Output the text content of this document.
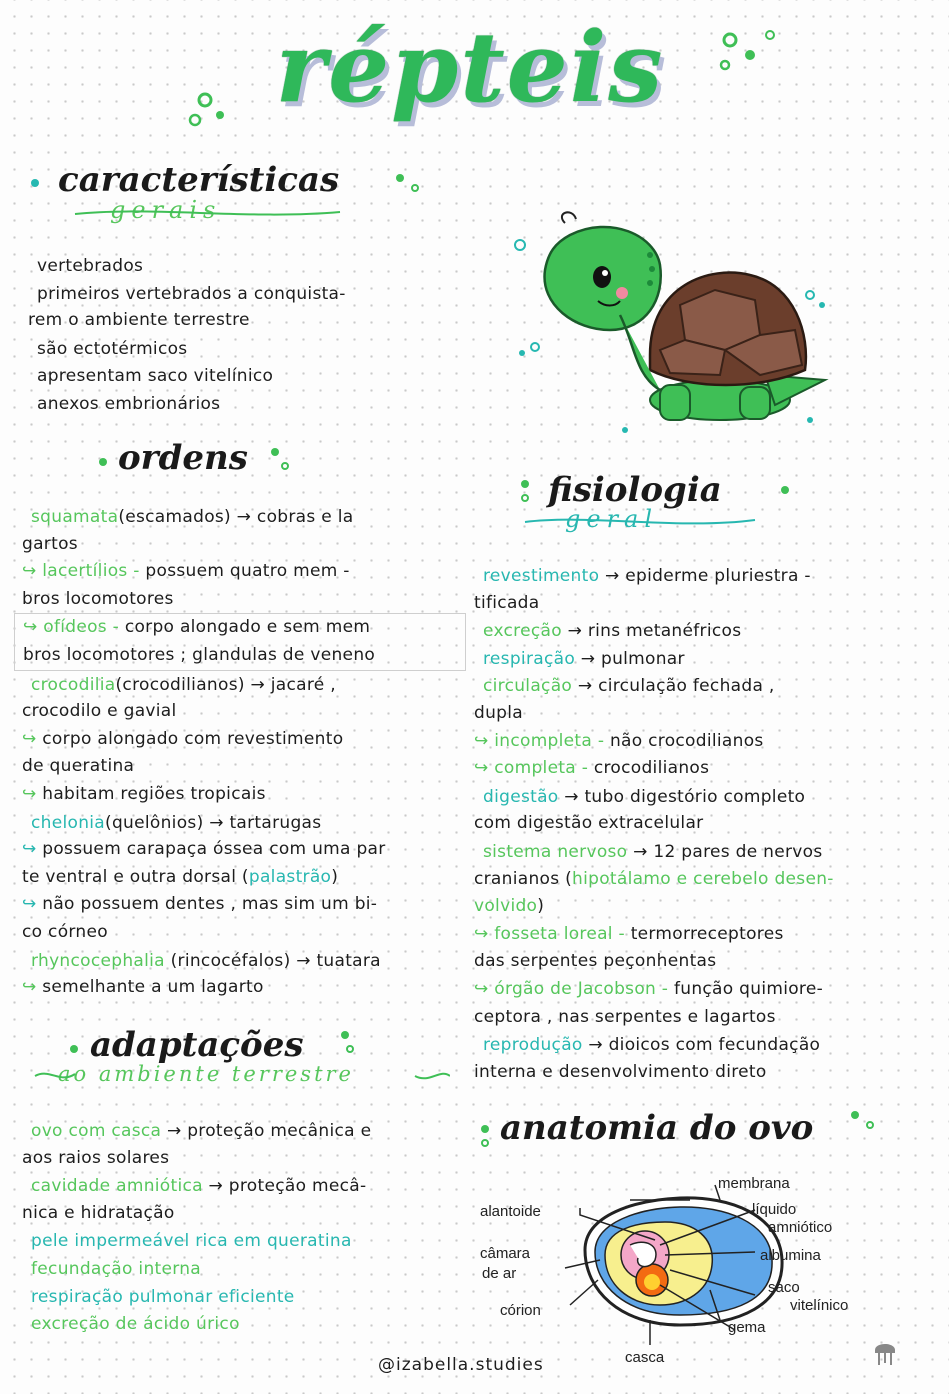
répteis
características
gerais
vertebrados
primeiros vertebrados a conquista-
rem o ambiente terrestre
são ectotérmicos
apresentam saco vitelínico
anexos embrionários
ordens
squamata(escamados) → cobras e la
gartos
↪ lacertílios - possuem quatro mem -
bros locomotores
↪ ofídeos - corpo alongado e sem mem
bros locomotores ; glandulas de veneno
crocodilia(crocodilianos) → jacaré ,
crocodilo e gavial
↪ corpo alongado com revestimento
de queratina
↪ habitam regiões tropicais
chelonia(quelônios) → tartarugas
↪ possuem carapaça óssea com uma par
te ventral e outra dorsal (palastrão)
↪ não possuem dentes , mas sim um bi-
co córneo
rhyncocephalia (rincocéfalos) → tuatara
↪ semelhante a um lagarto
adaptações
ao ambiente terrestre
ovo com casca → proteção mecânica e
aos raios solares
cavidade amniótica → proteção mecâ-
nica e hidratação
pele impermeável rica em queratina
fecundação interna
respiração pulmonar eficiente
excreção de ácido úrico
fisiologia
geral
revestimento → epiderme pluriestra -
tificada
excreção → rins metanéfricos
respiração → pulmonar
circulação → circulação fechada ,
dupla
↪ incompleta - não crocodilianos
↪ completa - crocodilianos
digestão → tubo digestório completo
com digestão extracelular
sistema nervoso → 12 pares de nervos
cranianos (hipotálamo e cerebelo desen-
volvido)
↪ fosseta loreal - termorreceptores
das serpentes peçonhentas
↪ órgão de Jacobson - função quimiore-
ceptora , nas serpentes e lagartos
reprodução → dioicos com fecundação
interna e desenvolvimento direto
anatomia do ovo
membrana
alantoide	líquido
amniótico
câmara
de ar
albumina
saco
vitelínico
córion
gema
casca
@izabella.studies
